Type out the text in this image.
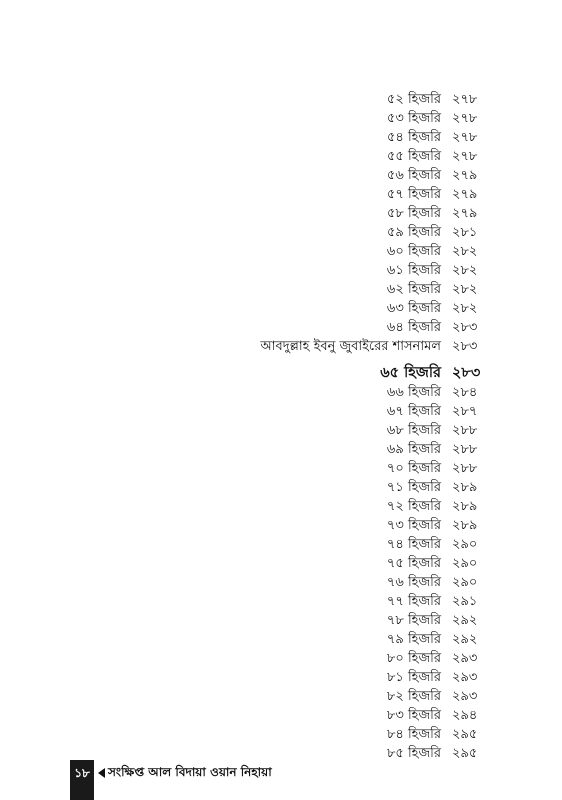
৫২ হিজরি ২৭৮
৫৩ হিজরি ২৭৮
৫৪ হিজরি ২৭৮
৫৫ হিজরি ২৭৮
৫৬ হিজরি ২৭৯
৫৭ হিজরি ২৭৯
৫৮ হিজরি ২৭৯
৫৯ হিজরি ২৮১
৬০ হিজরি ২৮২
৬১ হিজরি ২৮২
৬২ হিজরি ২৮২
৬৩ হিজরি ২৮২
৬৪ হিজরি ২৮৩
আবদুল্লাহ ইবনু জুবাইরের শাসনামল ২৮৩
৬৫ হিজরি ২৮৩
৬৬ হিজরি ২৮৪
৬৭ হিজরি ২৮৭
৬৮ হিজরি ২৮৮
৬৯ হিজরি ২৮৮
৭০ হিজরি ২৮৮
৭১ হিজরি ২৮৯
৭২ হিজরি ২৮৯
৭৩ হিজরি ২৮৯
৭৪ হিজরি ২৯০
৭৫ হিজরি ২৯০
৭৬ হিজরি ২৯০
৭৭ হিজরি ২৯১
৭৮ হিজরি ২৯২
৭৯ হিজরি ২৯২
৮০ হিজরি ২৯৩
৮১ হিজরি ২৯৩
৮২ হিজরি ২৯৩
৮৩ হিজরি ২৯৪
৮৪ হিজরি ২৯৫
৮৫ হিজরি ২৯৫
১৮	সংক্ষিপ্ত আল বিদায়া ওয়ান নিহায়া
